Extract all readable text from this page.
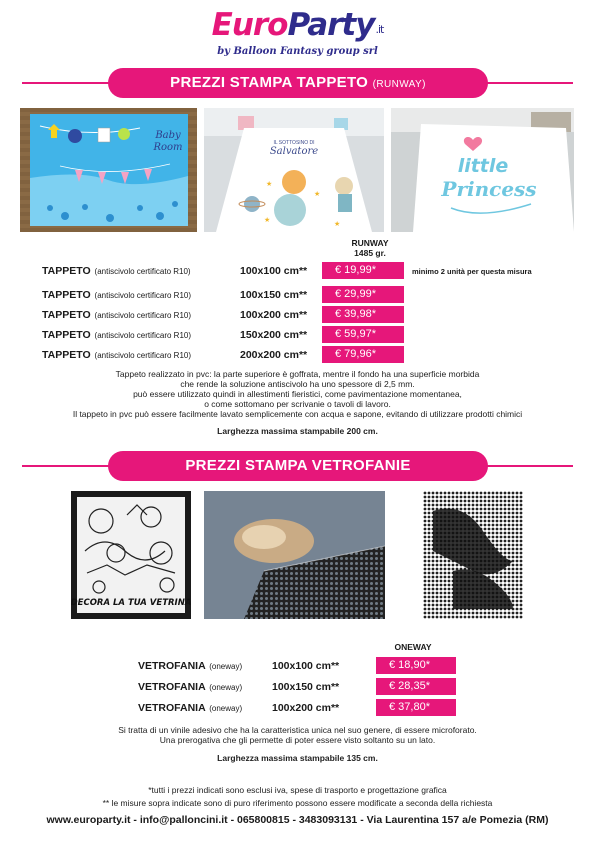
EuroParty.it
by Balloon Fantasy group srl
PREZZI STAMPA TAPPETO (RUNWAY)
Baby
Room	IL SOTTOSINO DI
Salvatore
★
★
★
★
little
Princess
RUNWAY
1485 gr.
TAPPETO (antiscivolo certificato R10)	100x100 cm**	€ 19,99*	minimo 2 unità per questa misura
TAPPETO (antiscivolo certificaro R10)	100x150 cm**	€ 29,99*
TAPPETO (antiscivolo certificaro R10)	100x200 cm**	€ 39,98*
TAPPETO (antiscivolo certificaro R10)	150x200 cm**	€ 59,97*
TAPPETO (antiscivolo certificaro R10)	200x200 cm**	€ 79,96*
Tappeto realizzato in pvc: la parte superiore è goffrata, mentre il fondo ha una superficie morbida
che rende la soluzione antiscivolo ha uno spessore di 2,5 mm.
può essere utilizzato quindi in allestimenti fieristici, come pavimentazione momentanea,
o come sottomano per scrivanie o tavoli di lavoro.
Il tappeto in pvc può essere facilmente lavato semplicemente con acqua e sapone, evitando di utilizzare prodotti chimici
Larghezza massima stampabile 200 cm.
PREZZI STAMPA VETROFANIE
DECORA LA TUA VETRINA
ONEWAY
VETROFANIA (oneway)	100x100 cm**	€ 18,90*
VETROFANIA (oneway)	100x150 cm**	€ 28,35*
VETROFANIA (oneway)	100x200 cm**	€ 37,80*
Si tratta di un vinile adesivo che ha la caratteristica unica nel suo genere, di essere microforato.
Una prerogativa che gli permette di poter essere visto soltanto su un lato.
Larghezza massima stampabile 135 cm.
*tutti i prezzi indicati sono esclusi iva, spese di trasporto e progettazione grafica
** le misure sopra indicate sono di puro riferimento possono essere modificate a seconda della richiesta
www.europarty.it - info@palloncini.it - 065800815 - 3483093131 - Via Laurentina 157 a/e Pomezia (RM)
